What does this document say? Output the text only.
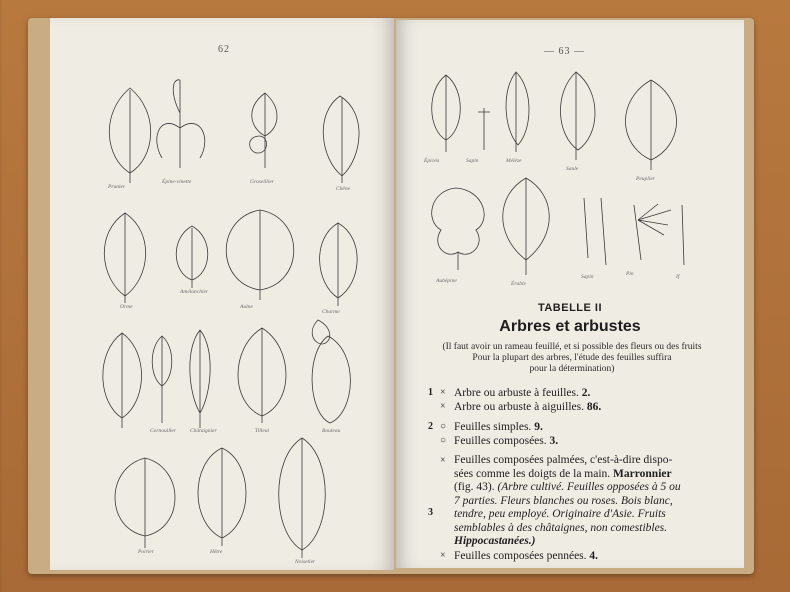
62
Prunier
Épine-vinette	Groseillier
Chêne
Orme
Amélanchier
Aulne
Charme
Cornouiller	Châtaignier	Tilleul	Bouleau
Poirier	Hêtre
Noisetier
— 63 —
Épicéa	Sapin	Mélèze
Saule
Peuplier
Aubépine	Érable
Sapin	Pin	If
TABELLE II
Arbres et arbustes
(Il faut avoir un rameau feuillé, et si possible des fleurs ou des fruits
Pour la plupart des arbres, l'étude des feuilles suffira
pour la détermination)
1 × Arbre ou arbuste à feuilles. 2.
× Arbre ou arbuste à aiguilles. 86.
2 ○ Feuilles simples. 9.
○ Feuilles composées. 3.
3
× Feuilles composées palmées, c'est-à-dire dispo-
sées comme les doigts de la main. Marronnier
(fig. 43). (Arbre cultivé. Feuilles opposées à 5 ou
7 parties. Fleurs blanches ou roses. Bois blanc,
tendre, peu employé. Originaire d'Asie. Fruits
semblables à des châtaignes, non comestibles.
Hippocastanées.)
× Feuilles composées pennées. 4.
